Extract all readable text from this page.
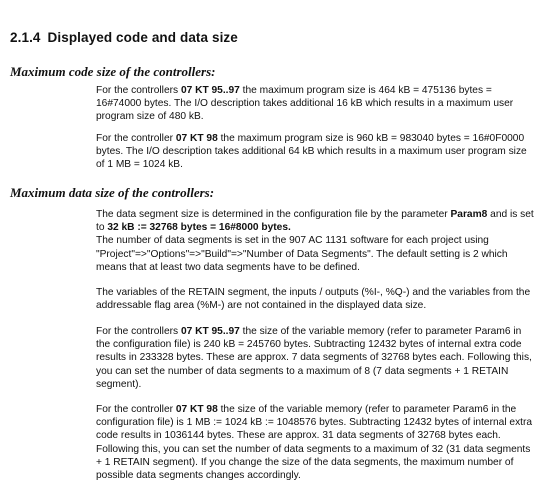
2.1.4 Displayed code and data size
Maximum code size of the controllers:

For the controllers 07 KT 95..97 the maximum program size is 464 kB = 475136 bytes = 16#74000 bytes. The I/O description takes additional 16 kB which results in a maximum user program size of 480 kB.

For the controller 07 KT 98 the maximum program size is 960 kB = 983040 bytes = 16#0F0000 bytes. The I/O description takes additional 64 kB which results in a maximum user program size of 1 MB = 1024 kB.

Maximum data size of the controllers:

The data segment size is determined in the configuration file by the parameter Param8 and is set to 32 kB := 32768 bytes = 16#8000 bytes.
The number of data segments is set in the 907 AC 1131 software for each project using "Project"=>"Options"=>"Build"=>"Number of Data Segments". The default setting is 2 which means that at least two data segments have to be defined.

The variables of the RETAIN segment, the inputs / outputs (%I-, %Q-) and the variables from the addressable flag area (%M-) are not contained in the displayed data size.

For the controllers 07 KT 95..97 the size of the variable memory (refer to parameter Param6 in the configuration file) is 240 kB = 245760 bytes. Subtracting 12432 bytes of internal extra code results in 233328 bytes. These are approx. 7 data segments of 32768 bytes each. Following this, you can set the number of data segments to a maximum of 8 (7 data segments + 1 RETAIN segment).

For the controller 07 KT 98 the size of the variable memory (refer to parameter Param6 in the configuration file) is 1 MB := 1024 kB := 1048576 bytes. Subtracting 12432 bytes of internal extra code results in 1036144 bytes. These are approx. 31 data segments of 32768 bytes each. Following this, you can set the number of data segments to a maximum of 32 (31 data segments + 1 RETAIN segment). If you change the size of the data segments, the maximum number of possible data segments changes accordingly.
